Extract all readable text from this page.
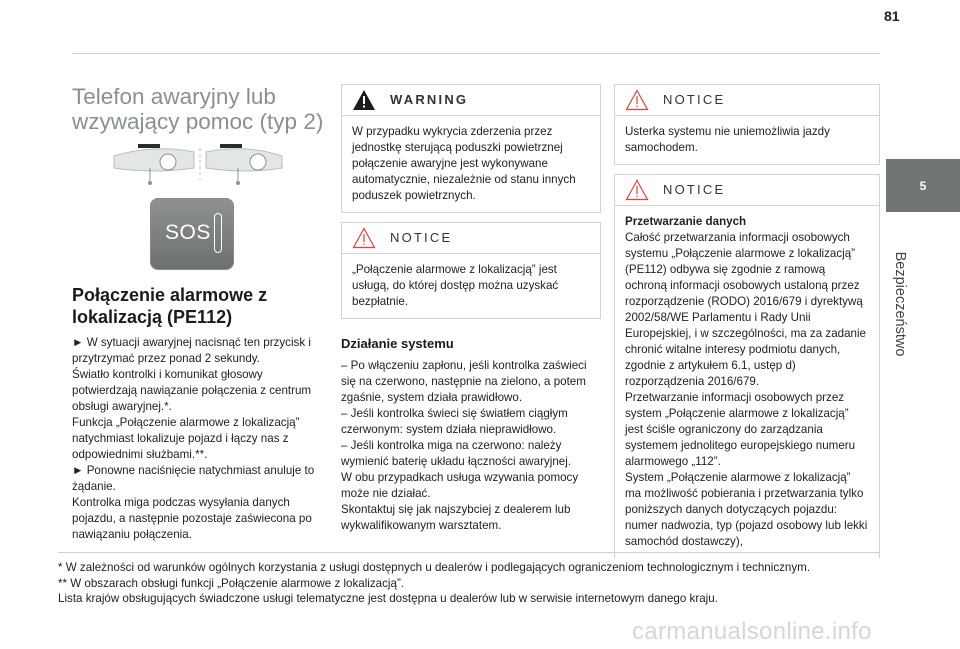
81
5
Bezpieczeństwo
Telefon awaryjny lub wzywający pomoc (typ 2)
SOS
Połączenie alarmowe z lokalizacją (PE112)

► W sytuacji awaryjnej nacisnąć ten przycisk i przytrzymać przez ponad 2 sekundy.

Światło kontrolki i komunikat głosowy potwierdzają nawiązanie połączenia z centrum obsługi awaryjnej.*.

Funkcja „Połączenie alarmowe z lokalizacją” natychmiast lokalizuje pojazd i łączy nas z odpowiednimi służbami.**.

► Ponowne naciśnięcie natychmiast anuluje to żądanie.

Kontrolka miga podczas wysyłania danych pojazdu, a następnie pozostaje zaświecona po nawiązaniu połączenia.

WARNING

W przypadku wykrycia zderzenia przez jednostkę sterującą poduszki powietrznej połączenie awaryjne jest wykonywane automatycznie, niezależnie od stanu innych poduszek powietrznych.

NOTICE

„Połączenie alarmowe z lokalizacją” jest usługą, do której dostęp można uzyskać bezpłatnie.

Działanie systemu

– Po włączeniu zapłonu, jeśli kontrolka zaświeci się na czerwono, następnie na zielono, a potem zgaśnie, system działa prawidłowo.

– Jeśli kontrolka świeci się światłem ciągłym czerwonym: system działa nieprawidłowo.

– Jeśli kontrolka miga na czerwono: należy wymienić baterię układu łączności awaryjnej.

W obu przypadkach usługa wzywania pomocy może nie działać.

Skontaktuj się jak najszybciej z dealerem lub wykwalifikowanym warsztatem.

NOTICE

Usterka systemu nie uniemożliwia jazdy samochodem.

NOTICE

Przetwarzanie danych

Całość przetwarzania informacji osobowych systemu „Połączenie alarmowe z lokalizacją” (PE112) odbywa się zgodnie z ramową ochroną informacji osobowych ustaloną przez rozporządzenie (RODO) 2016/679 i dyrektywą 2002/58/WE Parlamentu i Rady Unii Europejskiej, i w szczególności, ma za zadanie chronić witalne interesy podmiotu danych, zgodnie z artykułem 6.1, ustęp d) rozporządzenia 2016/679.

Przetwarzanie informacji osobowych przez system „Połączenie alarmowe z lokalizacją” jest ściśle ograniczony do zarządzania systemem jednolitego europejskiego numeru alarmowego „112”.

System „Połączenie alarmowe z lokalizacją” ma możliwość pobierania i przetwarzania tylko poniższych danych dotyczących pojazdu: numer nadwozia, typ (pojazd osobowy lub lekki samochód dostawczy),

* W zależności od warunków ogólnych korzystania z usługi dostępnych u dealerów i podlegających ograniczeniom technologicznym i technicznym.
** W obszarach obsługi funkcji „Połączenie alarmowe z lokalizacją”.
Lista krajów obsługujących świadczone usługi telematyczne jest dostępna u dealerów lub w serwisie internetowym danego kraju.
carmanualsonline.info
